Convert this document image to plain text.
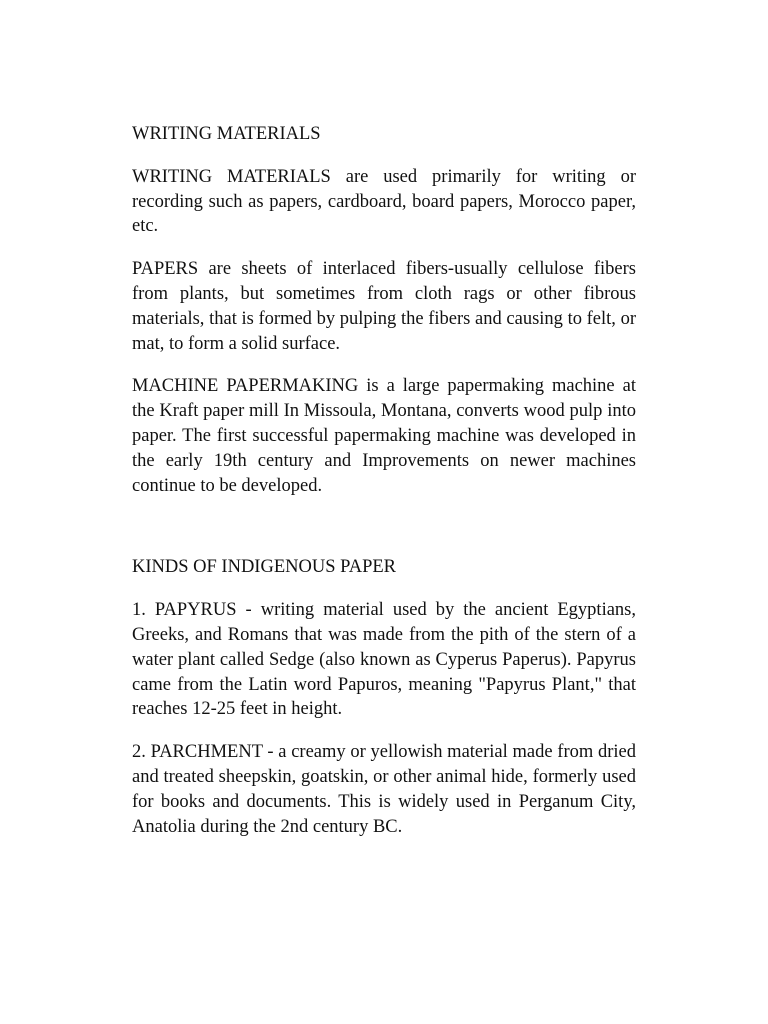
WRITING MATERIALS

WRITING MATERIALS are used primarily for writing or recording such as papers, cardboard, board papers, Morocco paper, etc.

PAPERS are sheets of interlaced fibers-usually cellulose fibers from plants, but sometimes from cloth rags or other fibrous materials, that is formed by pulping the fibers and causing to felt, or mat, to form a solid surface.

MACHINE PAPERMAKING is a large papermaking machine at the Kraft paper mill In Missoula, Montana, converts wood pulp into paper. The first successful papermaking machine was developed in the early 19th century and Improvements on newer machines continue to be developed.

KINDS OF INDIGENOUS PAPER

1. PAPYRUS - writing material used by the ancient Egyptians, Greeks, and Romans that was made from the pith of the stern of a water plant called Sedge (also known as Cyperus Paperus). Papyrus came from the Latin word Papuros, meaning "Papyrus Plant," that reaches 12-25 feet in height.

2. PARCHMENT - a creamy or yellowish material made from dried and treated sheepskin, goatskin, or other animal hide, formerly used for books and documents. This is widely used in Perganum City, Anatolia during the 2nd century BC.
